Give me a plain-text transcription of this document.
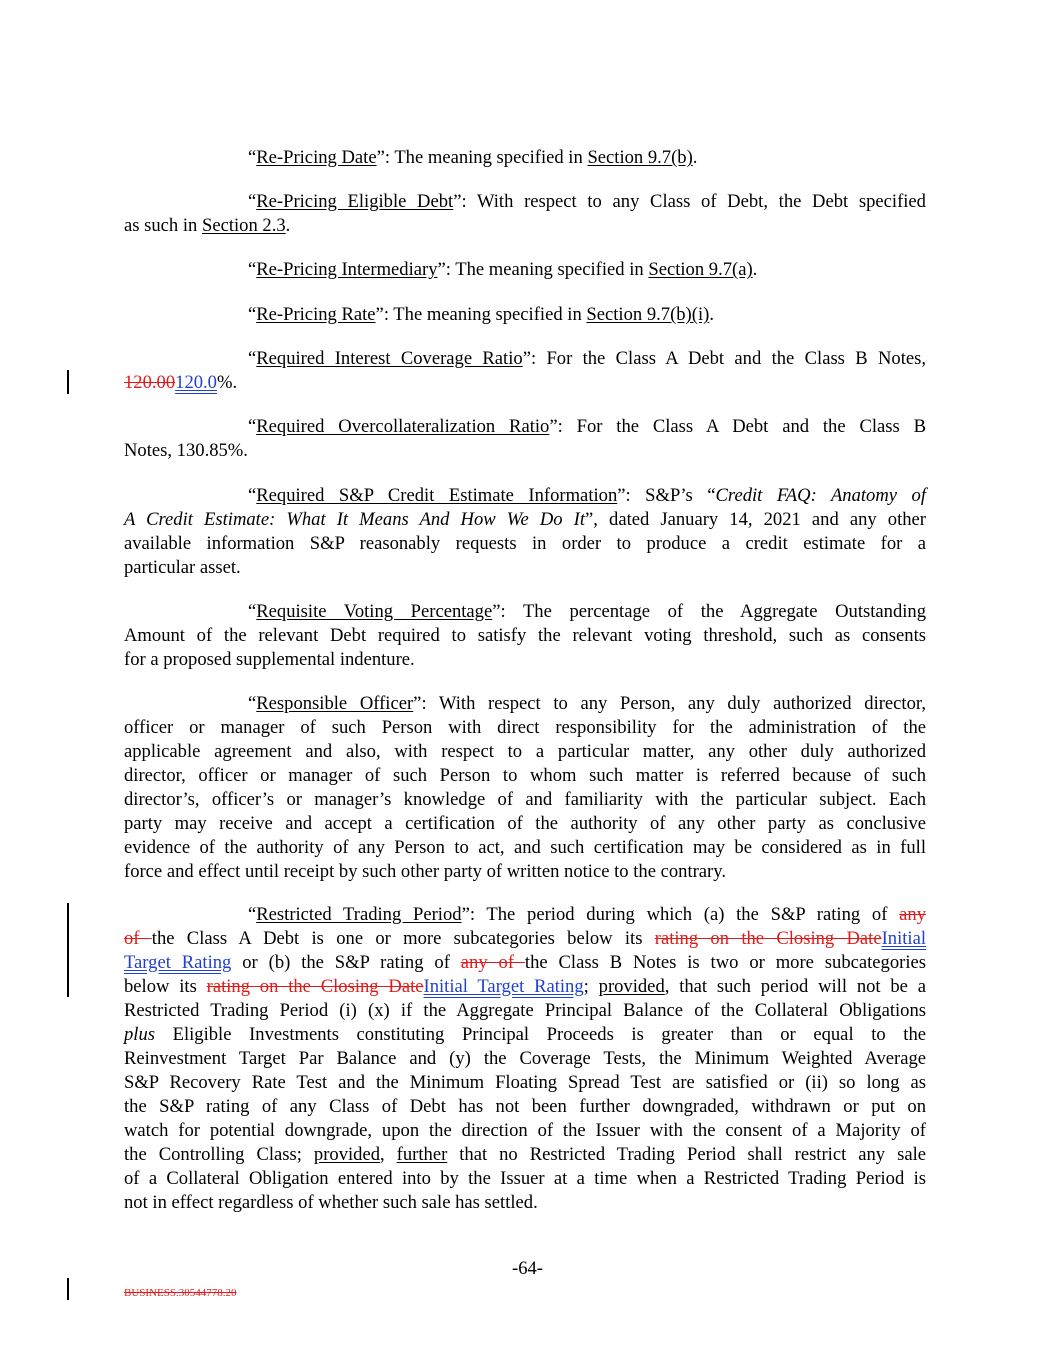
“Re-Pricing Date”: The meaning specified in Section 9.7(b).
“Re-Pricing Eligible Debt”: With respect to any Class of Debt, the Debt specified
as such in Section 2.3.
“Re-Pricing Intermediary”: The meaning specified in Section 9.7(a).
“Re-Pricing Rate”: The meaning specified in Section 9.7(b)(i).
“Required Interest Coverage Ratio”: For the Class A Debt and the Class B Notes,
120.00120.0%.
“Required Overcollateralization Ratio”: For the Class A Debt and the Class B
Notes, 130.85%.
“Required S&P Credit Estimate Information”: S&P’s “Credit FAQ: Anatomy of
A Credit Estimate: What It Means And How We Do It”, dated January 14, 2021 and any other
available information S&P reasonably requests in order to produce a credit estimate for a
particular asset.
“Requisite Voting Percentage”: The percentage of the Aggregate Outstanding
Amount of the relevant Debt required to satisfy the relevant voting threshold, such as consents
for a proposed supplemental indenture.
“Responsible Officer”: With respect to any Person, any duly authorized director,
officer or manager of such Person with direct responsibility for the administration of the
applicable agreement and also, with respect to a particular matter, any other duly authorized
director, officer or manager of such Person to whom such matter is referred because of such
director’s, officer’s or manager’s knowledge of and familiarity with the particular subject. Each
party may receive and accept a certification of the authority of any other party as conclusive
evidence of the authority of any Person to act, and such certification may be considered as in full
force and effect until receipt by such other party of written notice to the contrary.
“Restricted Trading Period”: The period during which (a) the S&P rating of any
of the Class A Debt is one or more subcategories below its rating on the Closing DateInitial
Target Rating or (b) the S&P rating of any of the Class B Notes is two or more subcategories
below its rating on the Closing DateInitial Target Rating; provided, that such period will not be a
Restricted Trading Period (i) (x) if the Aggregate Principal Balance of the Collateral Obligations
plus Eligible Investments constituting Principal Proceeds is greater than or equal to the
Reinvestment Target Par Balance and (y) the Coverage Tests, the Minimum Weighted Average
S&P Recovery Rate Test and the Minimum Floating Spread Test are satisfied or (ii) so long as
the S&P rating of any Class of Debt has not been further downgraded, withdrawn or put on
watch for potential downgrade, upon the direction of the Issuer with the consent of a Majority of
the Controlling Class; provided, further that no Restricted Trading Period shall restrict any sale
of a Collateral Obligation entered into by the Issuer at a time when a Restricted Trading Period is
not in effect regardless of whether such sale has settled.
-64-
BUSINESS.30544778.20
